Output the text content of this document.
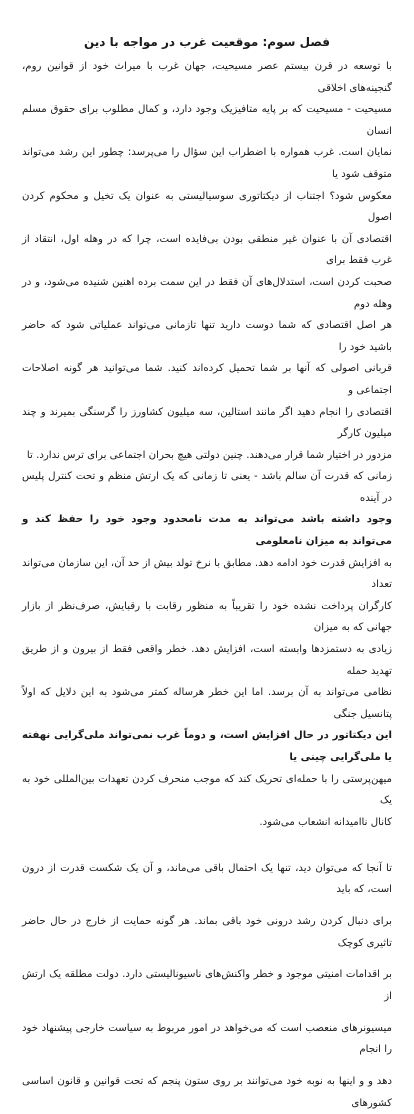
فصل سوم: موقعیت غرب در مواجه با دین

با توسعه در قرن بیستم عصر مسیحیت، جهان غرب با میراث خود از قوانین روم، گنجینه‌های اخلاقی

مسیحیت - مسیحیت که بر پایه متافیزیک وجود دارد، و کمال مطلوب برای حقوق مسلم انسان

نمایان است. غرب همواره با اضطراب این سؤال را می‌پرسد: چطور این رشد می‌تواند متوقف شود یا

معکوس شود؟ اجتناب از دیکتاتوری سوسیالیستی به عنوان یک تخیل و محکوم کردن اصول

اقتصادی آن با عنوان غیر منطقی بودن بی‌فایده است، چرا که در وهله اول، انتقاد از غرب فقط برای

صحبت کردن است، استدلال‌های آن فقط در این سمت برده اهنین شنیده می‌شود، و در وهله دوم

هر اصل اقتصادی که شما دوست دارید تنها تازمانی می‌تواند عملیاتی شود که حاضر باشید خود را

قربانی اصولی که آنها بر شما تحمیل کرده‌اند کنید. شما می‌توانید هر گونه اصلاحات اجتماعی و

اقتصادی را انجام دهید اگر مانند استالین، سه میلیون کشاورز را گرسنگی بمیرند و چند میلیون کارگر

مزدور در اختیار شما قرار می‌دهند. چنین دولتی هیچ بحران اجتماعی برای ترس ندارد. تا

زمانی که قدرت آن سالم باشد - یعنی تا زمانی که یک ارتش منظم و تحت کنترل پلیس در آینده

وجود داشته باشد می‌تواند به مدت نامحدود وجود خود را حفظ کند و می‌تواند به میزان نامعلومی

به افزایش قدرت خود ادامه دهد. مطابق با نرخ تولد بیش از حد آن، این سازمان می‌تواند تعداد

کارگران پرداخت نشده خود را تقریباً به منظور رقابت با رقبایش، صرف‌نظر از بازار جهانی که به میزان

زیادی به دستمزدها وابسته است، افزایش دهد. خطر واقعی فقط از بیرون و از طریق تهدید حمله

نظامی می‌تواند به آن برسد. اما این خطر هرساله کمتر می‌شود به این دلایل که اولاً پتانسیل جنگی

این دیکتاتور در حال افزایش است، و دوماً غرب نمی‌تواند ملی‌گرایی نهفته یا ملی‌گرایی چینی یا

میهن‌پرستی را با حمله‌ای تحریک کند که موجب منحرف کردن تعهدات بین‌المللی خود به یک

کانال ناامیدانه انشعاب می‌شود.

تا آنجا که می‌توان دید، تنها یک احتمال باقی می‌ماند، و آن یک شکست قدرت از درون است، که باید

برای دنبال کردن رشد درونی خود باقی بماند. هر گونه حمایت از خارج در حال حاضر تاثیری کوچک

بر اقدامات امنیتی موجود و خطر واکنش‌های ناسیونالیستی دارد. دولت مطلقه یک ارتش از

میسیونرهای منعصب است که می‌خواهد در امور مربوط به سیاست خارجی پیشنهاد خود را انجام

دهد و و اینها به نوبه خود می‌توانند بر روی ستون پنجم که تحت قوانین و قانون اساسی کشورهای
